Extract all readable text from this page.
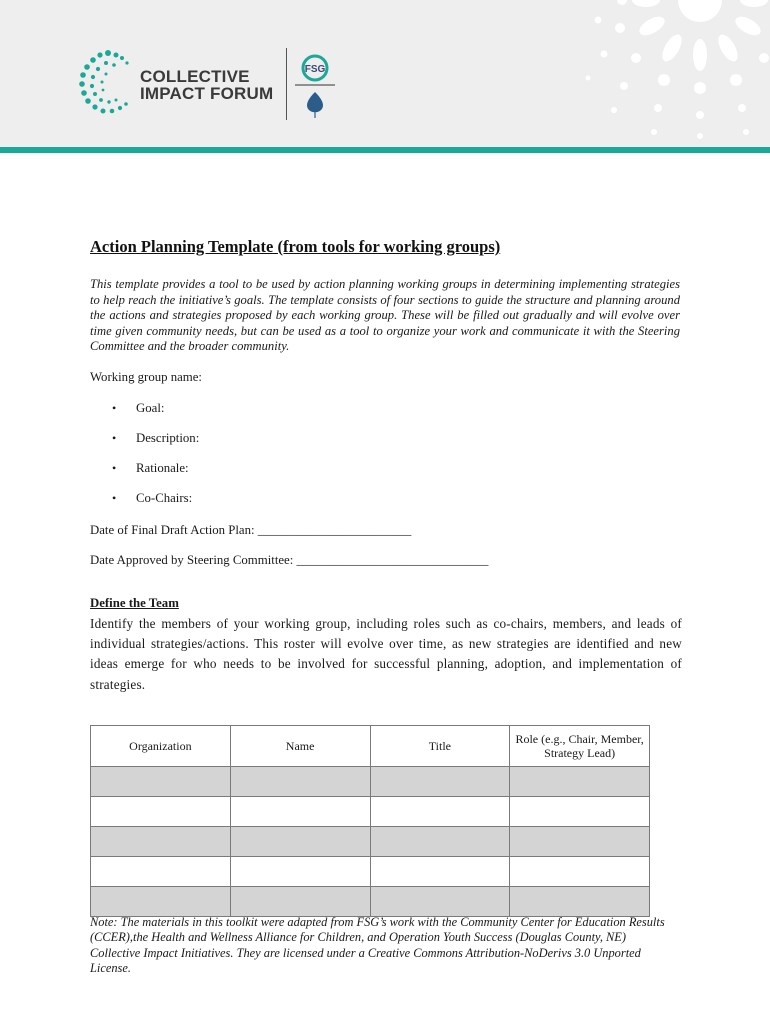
COLLECTIVE
IMPACT FORUM
FSG
Action Planning Template (from tools for working groups)

This template provides a tool to be used by action planning working groups in determining implementing strategies to help reach the initiative’s goals. The template consists of four sections to guide the structure and planning around the actions and strategies proposed by each working group. These will be filled out gradually and will evolve over time given community needs, but can be used as a tool to organize your work and communicate it with the Steering Committee and the broader community.

Working group name:
• Goal:
• Description:
• Rationale:
• Co-Chairs:
Date of Final Draft Action Plan: ________________________
Date Approved by Steering Committee: ______________________________
Define the Team

Identify the members of your working group, including roles such as co-chairs, members, and leads of individual strategies/actions. This roster will evolve over time, as new strategies are identified and new ideas emerge for who needs to be involved for successful planning, adoption, and implementation of strategies.

Organization	Name	Title	Role (e.g., Chair, Member, Strategy Lead)

Note: The materials in this toolkit were adapted from FSG’s work with the Community Center for Education Results (CCER),the Health and Wellness Alliance for Children, and Operation Youth Success (Douglas County, NE) Collective Impact Initiatives. They are licensed under a Creative Commons Attribution-NoDerivs 3.0 Unported License.
